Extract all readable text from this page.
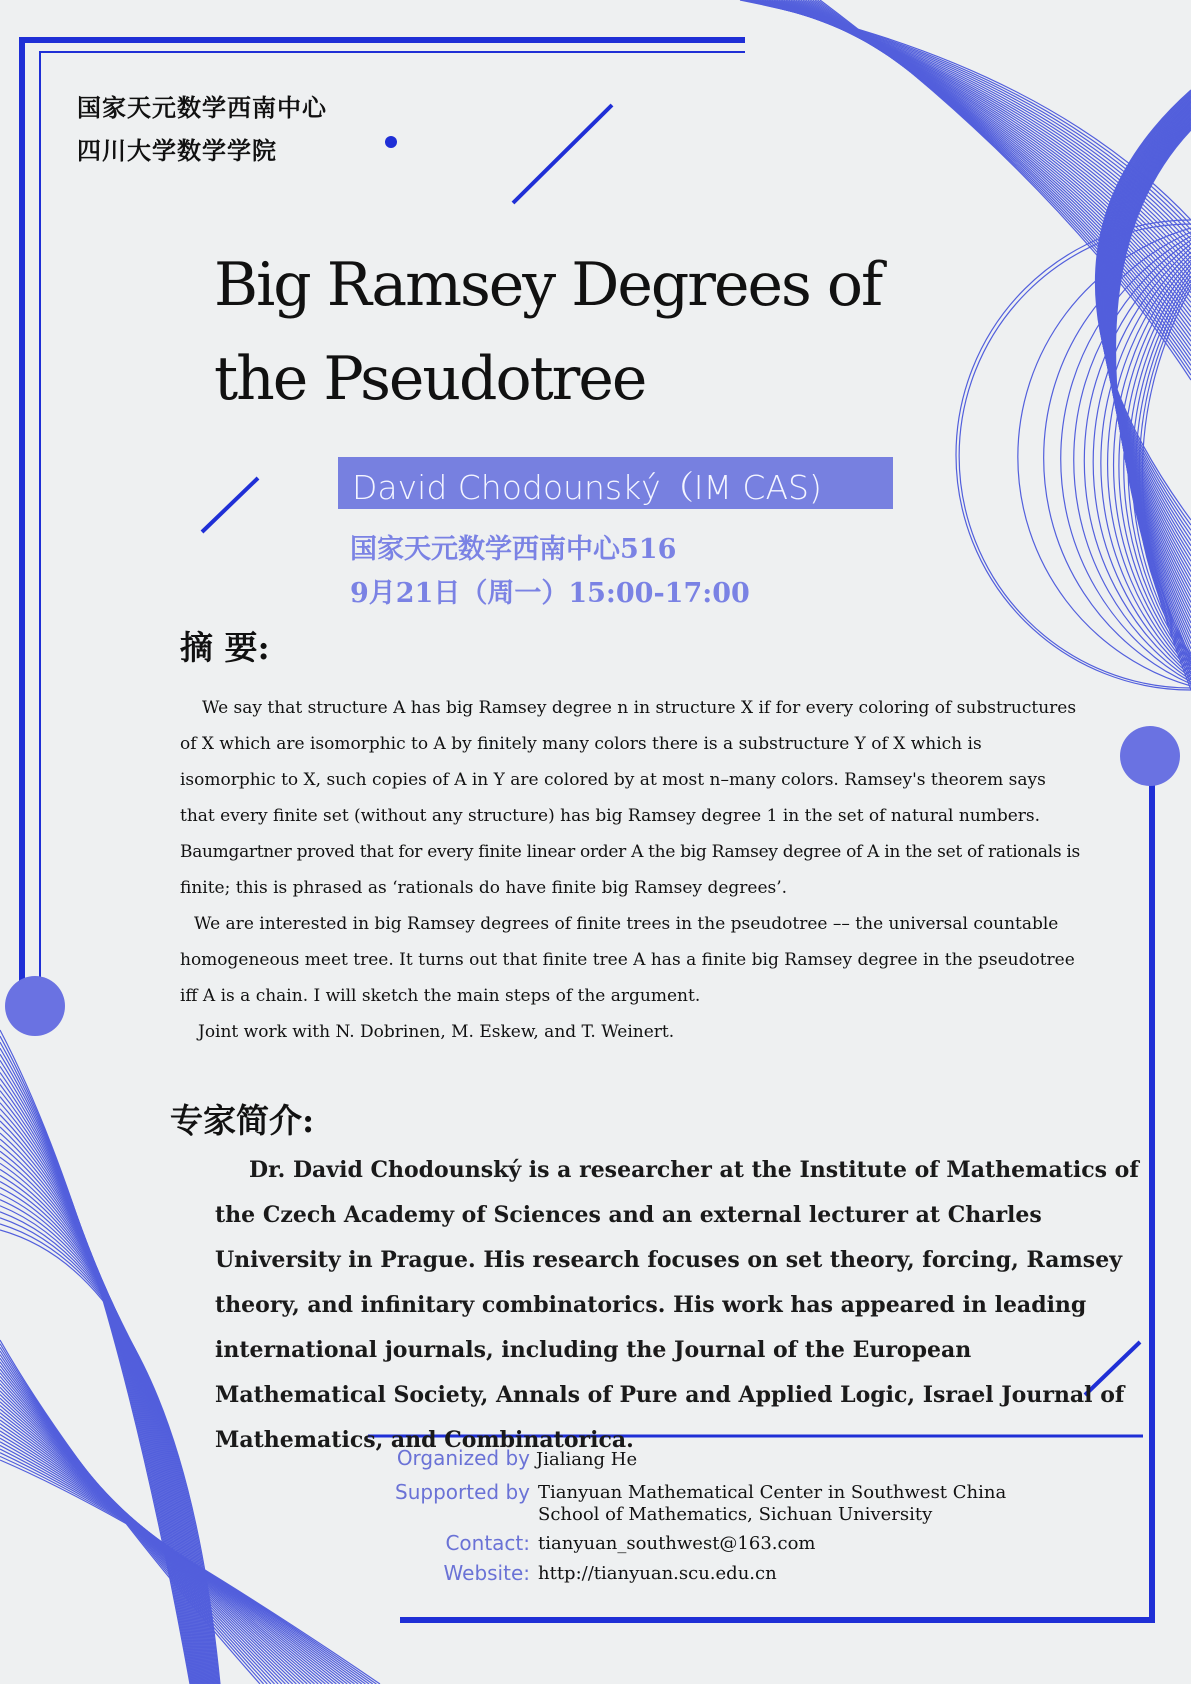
国家天元数学西南中心
四川大学数学学院
Big Ramsey Degrees of
the Pseudotree
David Chodounský（IM CAS)
国家天元数学西南中心516
9月21日（周一）15:00-17:00
摘 要:

We say that structure A has big Ramsey degree n in structure X if for every coloring of substructures

of X which are isomorphic to A by finitely many colors there is a substructure Y of X which is

isomorphic to X, such copies of A in Y are colored by at most n–many colors. Ramsey's theorem says

that every finite set (without any structure) has big Ramsey degree 1 in the set of natural numbers.

Baumgartner proved that for every finite linear order A the big Ramsey degree of A in the set of rationals is

finite; this is phrased as ‘rationals do have finite big Ramsey degrees’.

We are interested in big Ramsey degrees of finite trees in the pseudotree –– the universal countable

homogeneous meet tree. It turns out that finite tree A has a finite big Ramsey degree in the pseudotree

iff A is a chain. I will sketch the main steps of the argument.

Joint work with N. Dobrinen, M. Eskew, and T. Weinert.

专家简介:

Dr. David Chodounský is a researcher at the Institute of Mathematics of the Czech Academy of Sciences and an external lecturer at Charles University in Prague. His research focuses on set theory, forcing, Ramsey theory, and infinitary combinatorics. His work has appeared in leading international journals, including the Journal of the European Mathematical Society, Annals of Pure and Applied Logic, Israel Journal of Mathematics, and Combinatorica.

Organized by Jialiang He
Supported by Tianyuan Mathematical Center in Southwest China
School of Mathematics, Sichuan University
Contact: tianyuan_southwest@163.com
Website: http://tianyuan.scu.edu.cn
